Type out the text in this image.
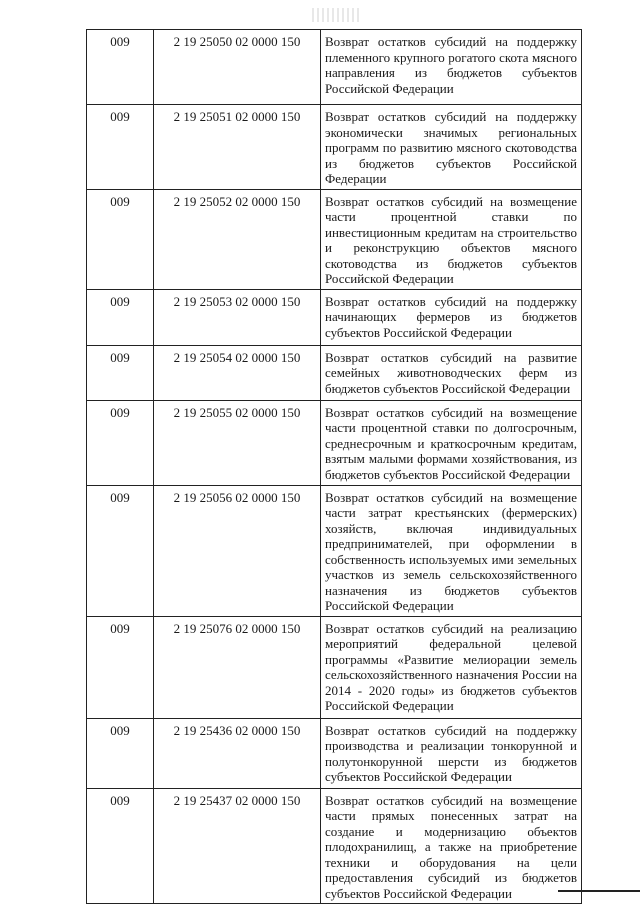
009	2 19 25050 02 0000 150	Возврат остатков субсидий на поддержку племенного крупного рогатого скота мясного направления из бюджетов субъектов Российской Федерации
009	2 19 25051 02 0000 150	Возврат остатков субсидий на поддержку экономически значимых региональных программ по развитию мясного скотоводства из бюджетов субъектов Российской Федерации
009	2 19 25052 02 0000 150	Возврат остатков субсидий на возмещение части процентной ставки по инвестиционным кредитам на строительство и реконструкцию объектов мясного скотоводства из бюджетов субъектов Российской Федерации
009	2 19 25053 02 0000 150	Возврат остатков субсидий на поддержку начинающих фермеров из бюджетов субъектов Российской Федерации
009	2 19 25054 02 0000 150	Возврат остатков субсидий на развитие семейных животноводческих ферм из бюджетов субъектов Российской Федерации
009	2 19 25055 02 0000 150	Возврат остатков субсидий на возмещение части процентной ставки по долгосрочным, среднесрочным и краткосрочным кредитам, взятым малыми формами хозяйствования, из бюджетов субъектов Российской Федерации
009	2 19 25056 02 0000 150	Возврат остатков субсидий на возмещение части затрат крестьянских (фермерских) хозяйств, включая индивидуальных предпринимателей, при оформлении в собственность используемых ими земельных участков из земель сельскохозяйственного назначения из бюджетов субъектов Российской Федерации
009	2 19 25076 02 0000 150	Возврат остатков субсидий на реализацию мероприятий федеральной целевой программы «Развитие мелиорации земель сельскохозяйственного назначения России на 2014 - 2020 годы» из бюджетов субъектов Российской Федерации
009	2 19 25436 02 0000 150	Возврат остатков субсидий на поддержку производства и реализации тонкорунной и полутонкорунной шерсти из бюджетов субъектов Российской Федерации
009	2 19 25437 02 0000 150	Возврат остатков субсидий на возмещение части прямых понесенных затрат на создание и модернизацию объектов плодохранилищ, а также на приобретение техники и оборудования на цели предоставления субсидий из бюджетов субъектов Российской Федерации
